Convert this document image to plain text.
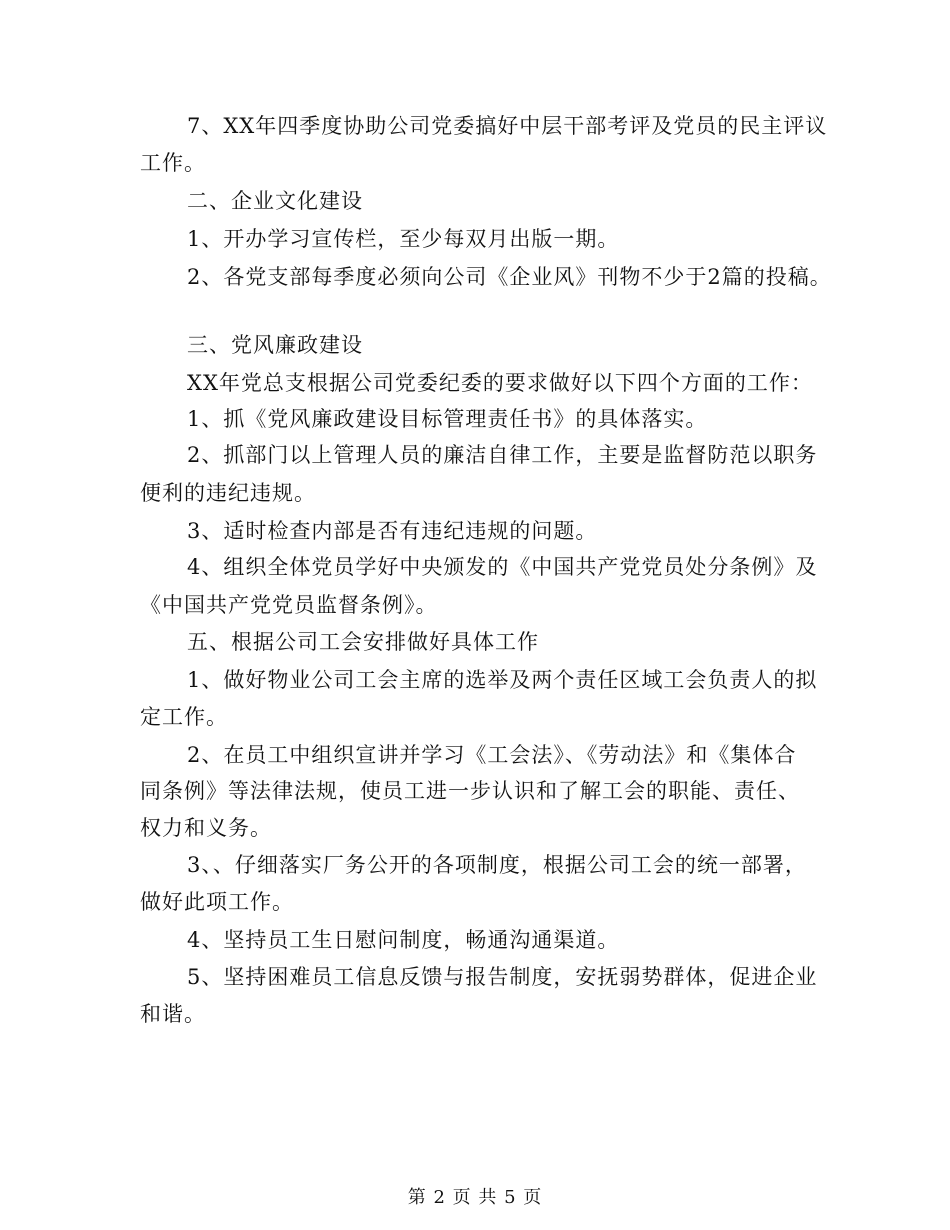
7、XX年四季度协助公司党委搞好中层干部考评及党员的民主评议
工作。
二、企业文化建设
1、开办学习宣传栏，至少每双月出版一期。
2、各党支部每季度必须向公司《企业风》刊物不少于2篇的投稿。
三、党风廉政建设
XX年党总支根据公司党委纪委的要求做好以下四个方面的工作：
1、抓《党风廉政建设目标管理责任书》的具体落实。
2、抓部门以上管理人员的廉洁自律工作，主要是监督防范以职务
便利的违纪违规。
3、适时检查内部是否有违纪违规的问题。
4、组织全体党员学好中央颁发的《中国共产党党员处分条例》及
《中国共产党党员监督条例》。
五、根据公司工会安排做好具体工作
1、做好物业公司工会主席的选举及两个责任区域工会负责人的拟
定工作。
2、在员工中组织宣讲并学习《工会法》、《劳动法》和《集体合
同条例》等法律法规，使员工进一步认识和了解工会的职能、责任、
权力和义务。
3、、仔细落实厂务公开的各项制度，根据公司工会的统一部署，
做好此项工作。
4、坚持员工生日慰问制度，畅通沟通渠道。
5、坚持困难员工信息反馈与报告制度，安抚弱势群体，促进企业
和谐。
第 2 页 共 5 页
